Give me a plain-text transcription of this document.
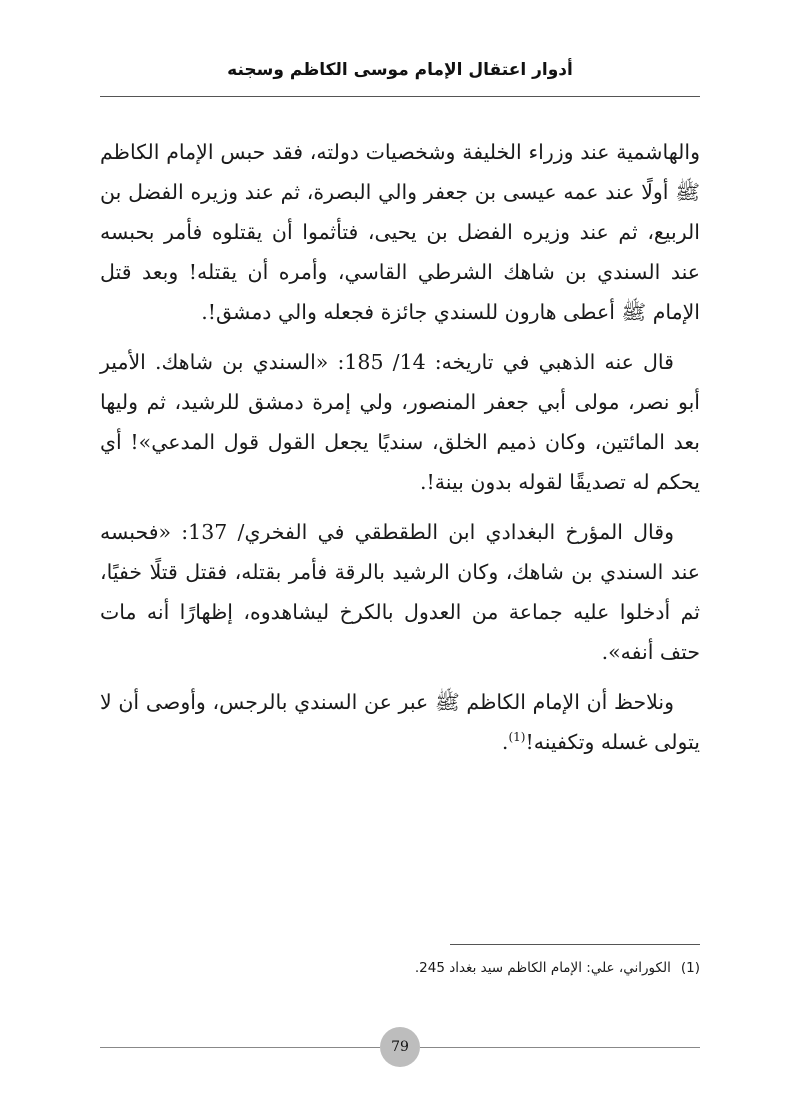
أدوار اعتقال الإمام موسى الكاظم وسجنه

والهاشمية عند وزراء الخليفة وشخصيات دولته، فقد حبس الإمام الكاظم ﷺ أولًا عند عمه عيسى بن جعفر والي البصرة، ثم عند وزيره الفضل بن الربيع، ثم عند وزيره الفضل بن يحيى، فتأثموا أن يقتلوه فأمر بحبسه عند السندي بن شاهك الشرطي القاسي، وأمره أن يقتله! وبعد قتل الإمام ﷺ أعطى هارون للسندي جائزة فجعله والي دمشق!.

قال عنه الذهبي في تاريخه: 14/ 185: «السندي بن شاهك. الأمير أبو نصر، مولى أبي جعفر المنصور، ولي إمرة دمشق للرشيد، ثم وليها بعد المائتين، وكان ذميم الخلق، سنديًا يجعل القول قول المدعي»! أي يحكم له تصديقًا لقوله بدون بينة!.

وقال المؤرخ البغدادي ابن الطقطقي في الفخري/ 137: «فحبسه عند السندي بن شاهك، وكان الرشيد بالرقة فأمر بقتله، فقتل قتلًا خفيًا، ثم أدخلوا عليه جماعة من العدول بالكرخ ليشاهدوه، إظهارًا أنه مات حتف أنفه».

ونلاحظ أن الإمام الكاظم ﷺ عبر عن السندي بالرجس، وأوصى أن لا يتولى غسله وتكفينه!$^{(1)}$.

(1)الكوراني، علي: الإمام الكاظم سيد بغداد 245.
79
